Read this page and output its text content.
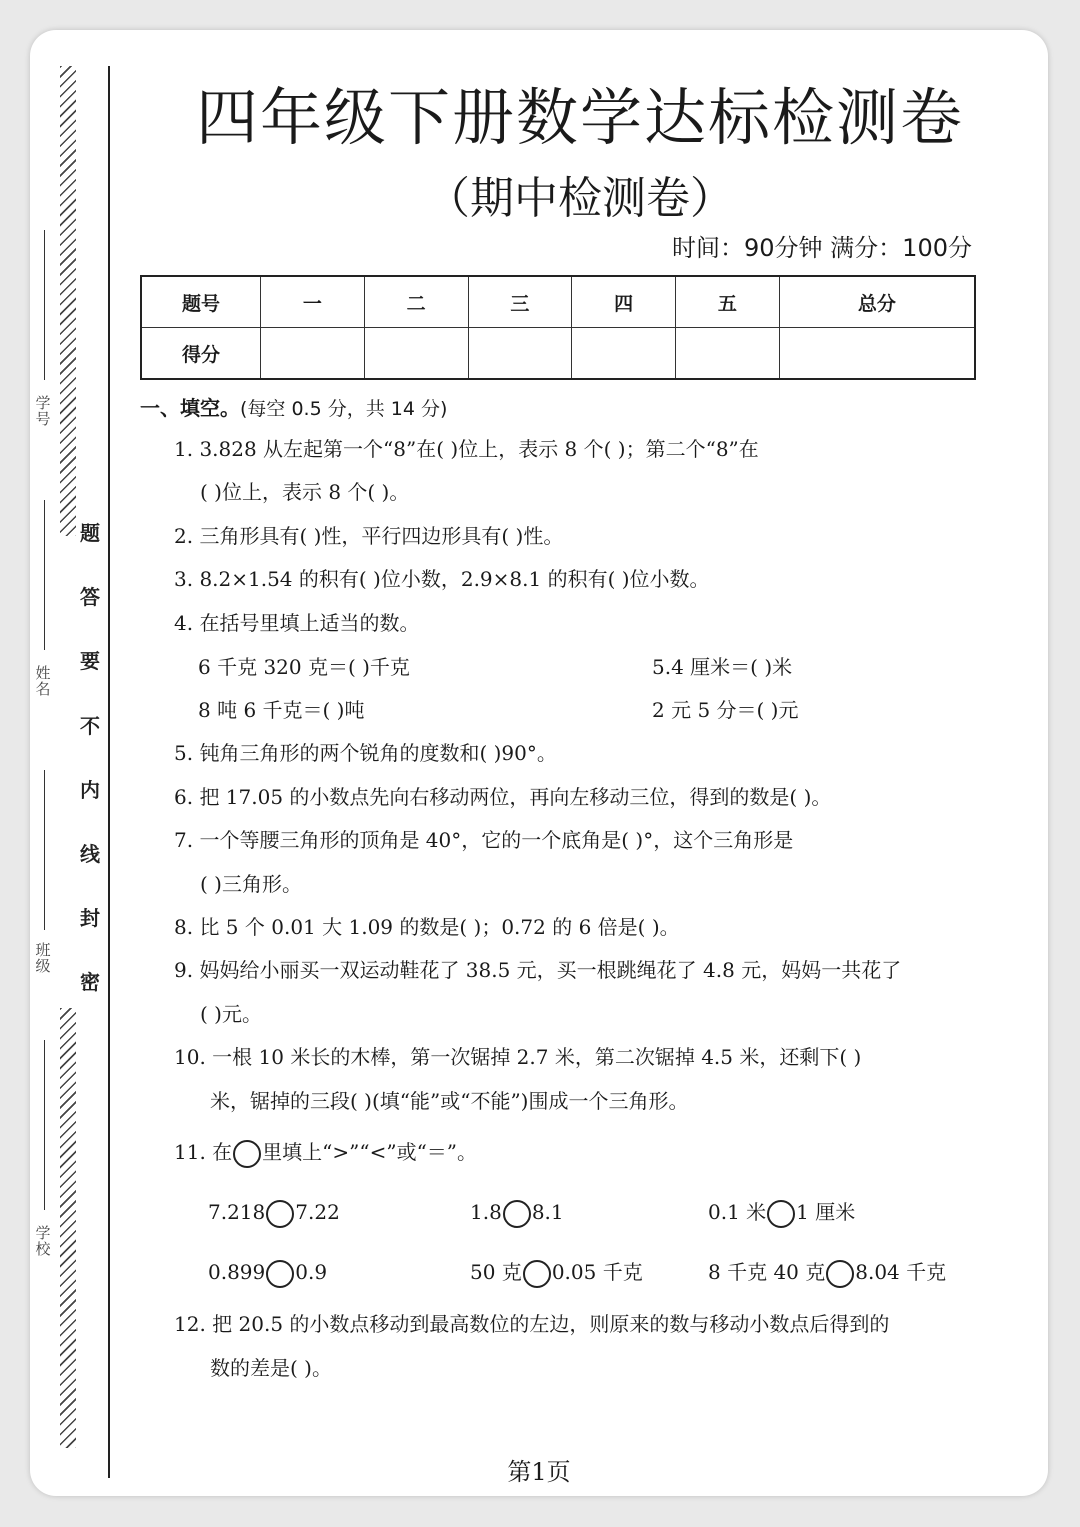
学号
姓名
班级
学校
题
答
要
不
内
线
封
密
四年级下册数学达标检测卷
（期中检测卷）
时间：90分钟 满分：100分
题号	一	二	三	四	五	总分
得分						
一、填空。(每空 0.5 分，共 14 分)
1. 3.828 从左起第一个“8”在( )位上，表示 8 个( )；第二个“8”在
( )位上，表示 8 个( )。
2. 三角形具有( )性，平行四边形具有( )性。
3. 8.2×1.54 的积有( )位小数，2.9×8.1 的积有( )位小数。
4. 在括号里填上适当的数。
6 千克 320 克＝( )千克	5.4 厘米＝( )米
8 吨 6 千克＝( )吨	2 元 5 分＝( )元
5. 钝角三角形的两个锐角的度数和( )90°。
6. 把 17.05 的小数点先向右移动两位，再向左移动三位，得到的数是( )。
7. 一个等腰三角形的顶角是 40°，它的一个底角是( )°，这个三角形是
( )三角形。
8. 比 5 个 0.01 大 1.09 的数是( )；0.72 的 6 倍是( )。
9. 妈妈给小丽买一双运动鞋花了 38.5 元，买一根跳绳花了 4.8 元，妈妈一共花了
( )元。
10. 一根 10 米长的木棒，第一次锯掉 2.7 米，第二次锯掉 4.5 米，还剩下( )
米，锯掉的三段( )(填“能”或“不能”)围成一个三角形。
11. 在 里填上“>”“<”或“＝”。
7.218 7.22	1.8 8.1	0.1 米 1 厘米
0.899 0.9	50 克 0.05 千克	8 千克 40 克 8.04 千克
12. 把 20.5 的小数点移动到最高数位的左边，则原来的数与移动小数点后得到的
数的差是( )。
第1页
